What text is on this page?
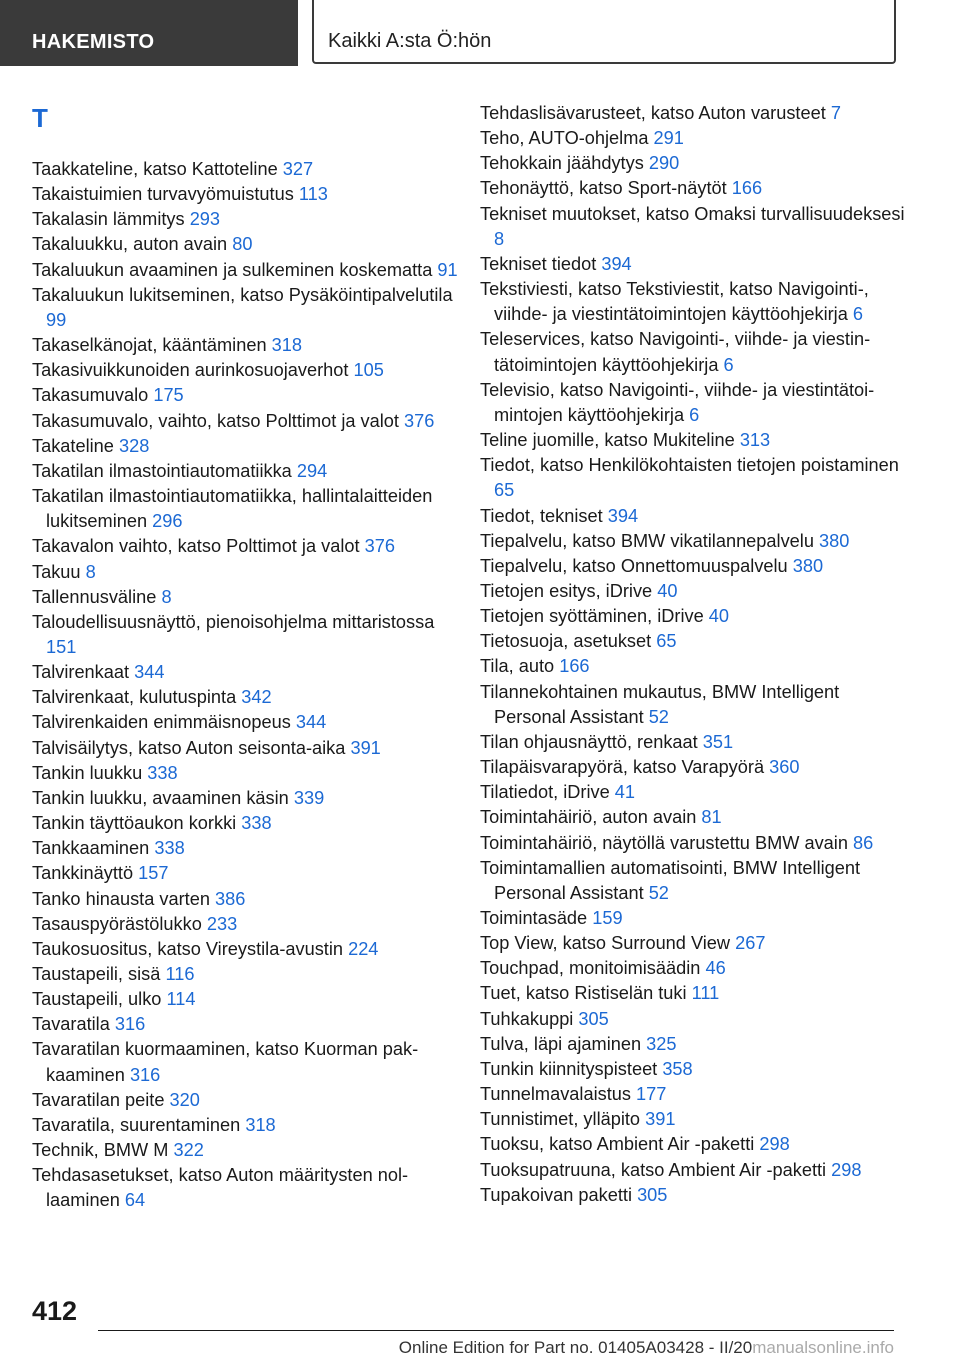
HAKEMISTO	Kaikki A:sta Ö:hön
T
Taakkateline, katso Kattoteline 327
Takaistuimien turvavyömuistutus 113
Takalasin lämmitys 293
Takaluukku, auton avain 80
Takaluukun avaaminen ja sulkeminen koskematta 91
Takaluukun lukitseminen, katso Pysäköintipalvelutila 99
Takaselkänojat, kääntäminen 318
Takasivuikkunoiden aurinkosuojaverhot 105
Takasumuvalo 175
Takasumuvalo, vaihto, katso Polttimot ja valot 376
Takateline 328
Takatilan ilmastointiautomatiikka 294
Takatilan ilmastointiautomatiikka, hallintalaitteiden lukitseminen 296
Takavalon vaihto, katso Polttimot ja valot 376
Takuu 8
Tallennusväline 8
Taloudellisuusnäyttö, pienoisohjelma mittaristossa 151
Talvirenkaat 344
Talvirenkaat, kulutuspinta 342
Talvirenkaiden enimmäisnopeus 344
Talvisäilytys, katso Auton seisonta-aika 391
Tankin luukku 338
Tankin luukku, avaaminen käsin 339
Tankin täyttöaukon korkki 338
Tankkaaminen 338
Tankkinäyttö 157
Tanko hinausta varten 386
Tasauspyörästölukko 233
Taukosuositus, katso Vireystila-avustin 224
Taustapeili, sisä 116
Taustapeili, ulko 114
Tavaratila 316
Tavaratilan kuormaaminen, katso Kuorman pakkaaminen 316
Tavaratilan peite 320
Tavaratila, suurentaminen 318
Technik, BMW M 322
Tehdasasetukset, katso Auton määritysten nollaaminen 64
Tehdaslisävarusteet, katso Auton varusteet 7
Teho, AUTO-ohjelma 291
Tehokkain jäähdytys 290
Tehonäyttö, katso Sport-näytöt 166
Tekniset muutokset, katso Omaksi turvallisuudeksesi 8
Tekniset tiedot 394
Tekstiviesti, katso Tekstiviestit, katso Navigointi-, viihde- ja viestintätoimintojen käyttöohjekirja 6
Teleservices, katso Navigointi-, viihde- ja viestintätoimintojen käyttöohjekirja 6
Televisio, katso Navigointi-, viihde- ja viestintätoimintojen käyttöohjekirja 6
Teline juomille, katso Mukiteline 313
Tiedot, katso Henkilökohtaisten tietojen poistaminen 65
Tiedot, tekniset 394
Tiepalvelu, katso BMW vikatilannepalvelu 380
Tiepalvelu, katso Onnettomuuspalvelu 380
Tietojen esitys, iDrive 40
Tietojen syöttäminen, iDrive 40
Tietosuoja, asetukset 65
Tila, auto 166
Tilannekohtainen mukautus, BMW Intelligent Personal Assistant 52
Tilan ohjausnäyttö, renkaat 351
Tilapäisvarapyörä, katso Varapyörä 360
Tilatiedot, iDrive 41
Toimintahäiriö, auton avain 81
Toimintahäiriö, näytöllä varustettu BMW avain 86
Toimintamallien automatisointi, BMW Intelligent Personal Assistant 52
Toimintasäde 159
Top View, katso Surround View 267
Touchpad, monitoimisäädin 46
Tuet, katso Ristiselän tuki 111
Tuhkakuppi 305
Tulva, läpi ajaminen 325
Tunkin kiinnityspisteet 358
Tunnelmavalaistus 177
Tunnistimet, ylläpito 391
Tuoksu, katso Ambient Air -paketti 298
Tuoksupatruuna, katso Ambient Air -paketti 298
Tupakoivan paketti 305
412
Online Edition for Part no. 01405A03428 - II/20manualsonline.info
